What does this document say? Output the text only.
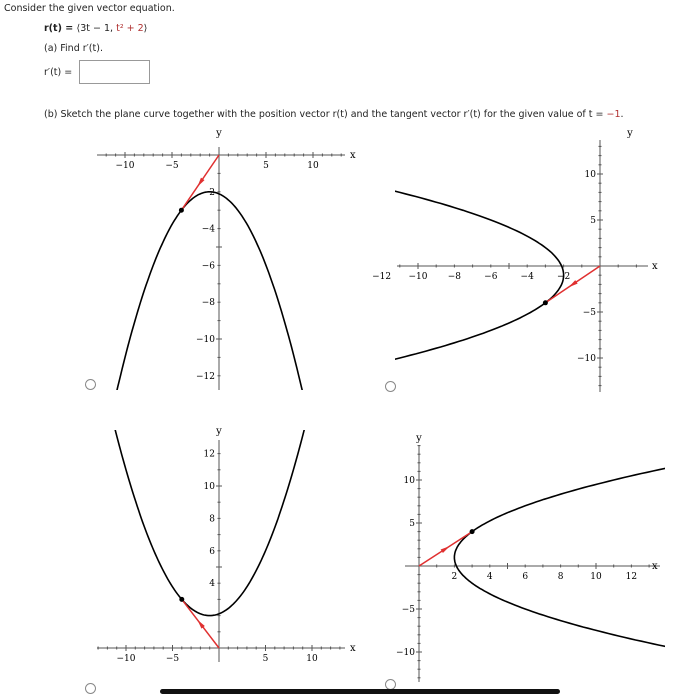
Consider the given vector equation.
r(t) = ⟨3t − 1, t² + 2⟩
(a) Find r′(t).
r′(t) =
(b) Sketch the plane curve together with the position vector r(t) and the tangent vector r′(t) for the given value of t = −1.
−10	−5	5	10
2
−4
−6
−8
−10
−12
x
y
−12 −10 −8	−6	−4	−2
10
5
−5
−10
x
y
−10	−5	5	10
12
10
8
6
4
x
y
2	4	6	8	10	12
10
5
−5
−10
x
y
